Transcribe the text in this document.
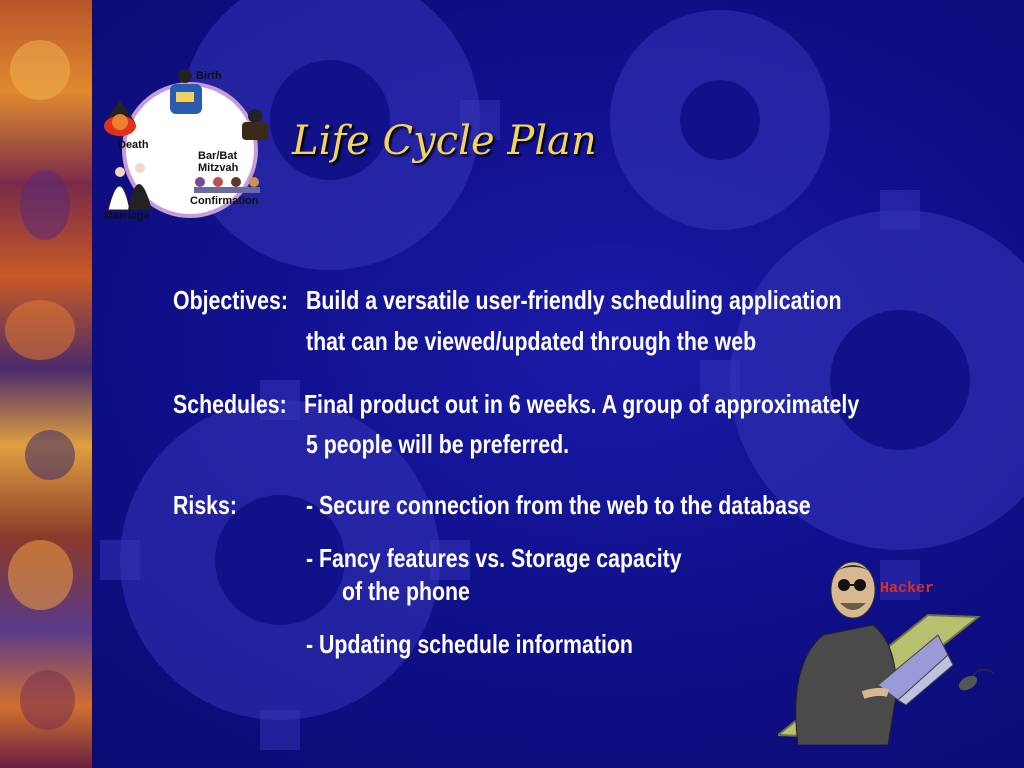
Birth
Death
Bar/Bat
Mitzvah
Confirmation
Marriage
Life Cycle Plan
Objectives: Build a versatile user-friendly scheduling application
that can be viewed/updated through the web
Schedules: Final product out in 6 weeks. A group of approximately
5 people will be preferred.
Risks:	- Secure connection from the web to the database
- Fancy features vs. Storage capacity
of the phone
- Updating schedule information
Hacker
